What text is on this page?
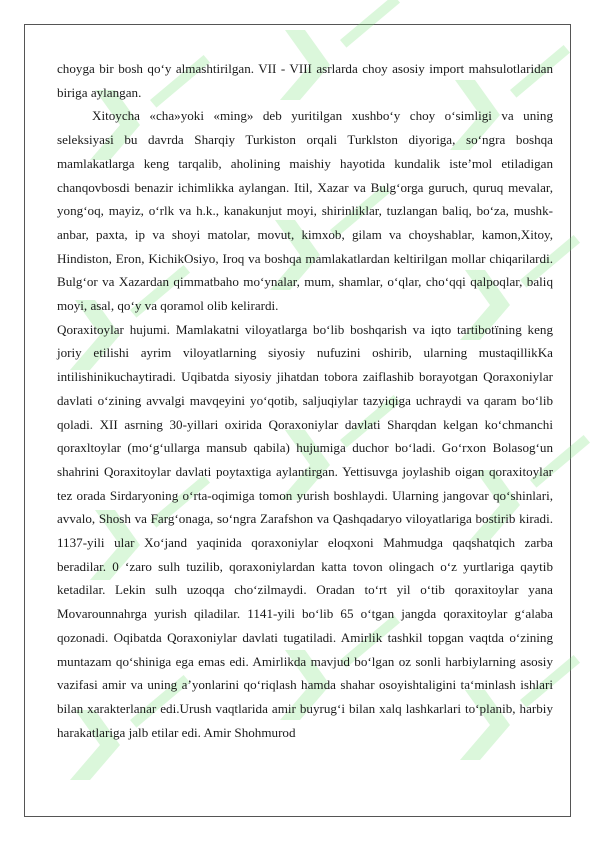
choyga bir bosh qo‘y almashtirilgan. VII - VIII asrlarda choy asosiy import mahsulotlaridan biriga aylangan.

Xitoycha «cha»yoki «ming» deb yuritilgan xushbo‘y choy o‘simligi va uning seleksiyasi bu davrda Sharqiy Turkiston orqali Turklston diyoriga, so‘ngra boshqa mamlakatlarga keng tarqalib, aholining maishiy hayotida kundalik iste’mol etiladigan chanqovbosdi benazir ichimlikka aylangan. Itil, Xazar va Bulg‘orga guruch, quruq mevalar, yong‘oq, mayiz, o‘rlk va h.k., kanakunjut moyi, shirinliklar, tuzlangan baliq, bo‘za, mushk-anbar, paxta, ip va shoyi matolar, movut, kimxob, gilam va choyshablar, kamon,Xitoy, Hindiston, Eron, KichikOsiyo, Iroq va boshqa mamlakatlardan keltirilgan mollar chiqarilardi. Bulg‘or va Xazardan qimmatbaho mo‘ynalar, mum, shamlar, o‘qlar, cho‘qqi qalpoqlar, baliq moyi, asal, qo‘y va qoramol olib kelirardi.

Qoraxitoylar hujumi. Mamlakatni viloyatlarga bo‘lib boshqarish va iqto tartibotïning keng joriy etilishi ayrim viloyatlarning siyosiy nufuzini oshirib, ularning mustaqillikKa intilishinikuchaytiradi. Uqibatda siyosiy jihatdan tobora zaiflashib borayotgan Qoraxoniylar davlati o‘zining avvalgi mavqeyini yo‘qotib, saljuqiylar tazyiqiga uchraydi va qaram bo‘lib qoladi. XII asrning 30-yillari oxirida Qoraxoniylar davlati Sharqdan kelgan ko‘chmanchi qoraxltoylar (mo‘g‘ullarga mansub qabila) hujumiga duchor bo‘ladi. Go‘rxon Bolasog‘un shahrini Qoraxitoylar davlati poytaxtiga aylantirgan. Yettisuvga joylashib oigan qoraxitoylar tez orada Sirdaryoning o‘rta-oqimiga tomon yurish boshlaydi. Ularning jangovar qo‘shinlari, avvalo, Shosh va Farg‘onaga, so‘ngra Zarafshon va Qashqadaryo viloyatlariga bostirib kiradi. 1137-yili ular Xo‘jand yaqinida qoraxoniylar eloqxoni Mahmudga qaqshatqich zarba beradilar. 0 ‘zaro sulh tuzilib, qoraxoniylardan katta tovon olingach o‘z yurtlariga qaytib ketadilar. Lekin sulh uzoqqa cho‘zilmaydi. Oradan to‘rt yil o‘tib qoraxitoylar yana Movarounnahrga yurish qiladilar. 1141-yili bo‘lib 65 o‘tgan jangda qoraxitoylar g‘alaba qozonadi. Oqibatda Qoraxoniylar davlati tugatiladi. Amirlik tashkil topgan vaqtda o‘zining muntazam qo‘shiniga ega emas edi. Amirlikda mavjud bo‘lgan oz sonli harbiylarning asosiy vazifasi amir va uning a’yonlarini qo‘riqlash hamda shahar osoyishtaligini ta‘minlash ishlari bilan xarakterlanar edi.Urush vaqtlarida amir buyrug‘i bilan xalq lashkarlari to‘planib, harbiy harakatlariga jalb etilar edi. Amir Shohmurod
